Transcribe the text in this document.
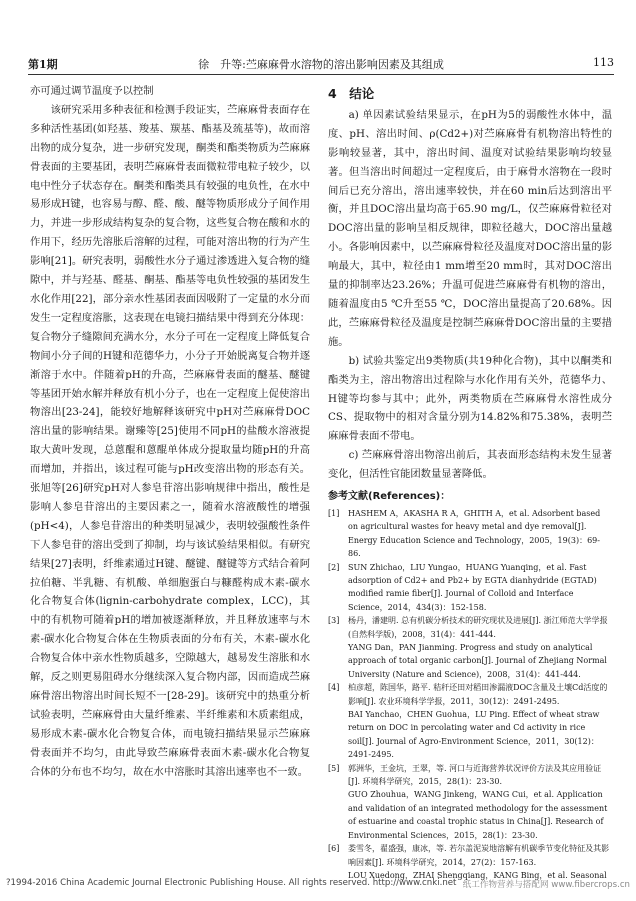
第1期	徐　升等:苎麻麻骨水溶物的溶出影响因素及其组成	113

亦可通过调节温度予以控制

该研究采用多种表征和检测手段证实，苎麻麻骨表面存在多种活性基团(如羟基、羧基、羰基、酯基及巯基等)，故而溶出物的成分复杂，进一步研究发现，酮类和酯类物质为苎麻麻骨表面的主要基团，表明苎麻麻骨表面微粒带电粒子较少，以电中性分子状态存在。酮类和酯类具有较强的电负性，在水中易形成H键，也容易与醇、醛、酸、醚等物质形成分子间作用力，并进一步形成结构复杂的复合物，这些复合物在酸和水的作用下，经历先溶胀后溶解的过程，可能对溶出物的行为产生影响[21]。研究表明，弱酸性水分子通过渗透进入复合物的缝隙中，并与羟基、醛基、酮基、酯基等电负性较强的基团发生水化作用[22]，部分亲水性基团表面因吸附了一定量的水分而发生一定程度溶胀，这表现在电镜扫描结果中得到充分体现：复合物分子缝隙间充满水分，水分子可在一定程度上降低复合物间小分子间的H键和范德华力，小分子开始脱离复合物并逐渐溶于水中。伴随着pH的升高，苎麻麻骨表面的醚基、醚键等基团开始水解并释放有机小分子，也在一定程度上促使溶出物溶出[23-24]，能较好地解释该研究中pH对苎麻麻骨DOC溶出量的影响结果。谢臻等[25]使用不同pH的盐酸水溶液提取大黄叶发现，总蒽醌和蒽醌单体成分提取量均随pH的升高而增加，并指出，该过程可能与pH改变溶出物的形态有关。张旭等[26]研究pH对人参皂苷溶出影响规律中指出，酸性是影响人参皂苷溶出的主要因素之一，随着水溶液酸性的增强(pH<4)，人参皂苷溶出的种类明显减少，表明较强酸性条件下人参皂苷的溶出受到了抑制，均与该试验结果相似。有研究结果[27]表明，纤维素通过H键、醚键、醚键等方式结合着阿拉伯糖、半乳糖、有机酸、单细胞蛋白与糠醛构成木素-碳水化合物复合体(lignin-carbohydrate complex，LCC)，其中的有机物可随着pH的增加被逐渐释放，并且释放速率与木素-碳水化合物复合体在生物质表面的分布有关，木素-碳水化合物复合体中亲水性物质越多，空隙越大，越易发生溶胀和水解，反之则更易阻碍水分继续深入复合物内部，因而造成苎麻麻骨溶出物溶出时间长短不一[28-29]。该研究中的热重分析试验表明，苎麻麻骨由大量纤维素、半纤维素和木质素组成，易形成木素-碳水化合物复合体，而电镜扫描结果显示苎麻麻骨表面并不均匀，由此导致苎麻麻骨表面木素-碳水化合物复合体的分布也不均匀，故在水中溶胀时其溶出速率也不一致。

4　结论

a) 单因素试验结果显示，在pH为5的弱酸性水体中，温度、pH、溶出时间、ρ(Cd2+)对苎麻麻骨有机物溶出特性的影响较显著，其中，溶出时间、温度对试验结果影响均较显著。但当溶出时间超过一定程度后，由于麻骨水溶物在一段时间后已充分溶出，溶出速率较快，并在60 min后达到溶出平衡，并且DOC溶出量均高于65.90 mg/L，仅苎麻麻骨粒径对DOC溶出量的影响呈相反规律，即粒径越大，DOC溶出量越小。各影响因素中，以苎麻麻骨粒径及温度对DOC溶出量的影响最大，其中，粒径由1 mm增至20 mm时，其对DOC溶出量的抑制率达23.26%；升温可促进苎麻麻骨有机物的溶出，随着温度由5 ℃升至55 ℃，DOC溶出量提高了20.68%。因此，苎麻麻骨粒径及温度是控制苎麻麻骨DOC溶出量的主要措施。

b) 试验共鉴定出9类物质(共19种化合物)，其中以酮类和酯类为主，溶出物溶出过程除与水化作用有关外，范德华力、H键等均参与其中；此外，两类物质在苎麻麻骨水溶性成分CS、提取物中的相对含量分别为14.82%和75.38%，表明苎麻麻骨表面不带电。

c) 苎麻麻骨溶出物溶出前后，其表面形态结构未发生显著变化，但活性官能团数量显著降低。

参考文献(References)：

[1]	HASHEM A，AKASHA R A，GHITH A，et al. Adsorbent based on agricultural wastes for heavy metal and dye removal[J]. Energy Education Science and Technology，2005，19(3)：69-86.
[2]	SUN Zhichao，LIU Yungao，HUANG Yuanqing，et al. Fast adsorption of Cd2+ and Pb2+ by EGTA dianhydride (EGTAD) modified ramie fiber[J]. Journal of Colloid and Interface Science，2014，434(3)：152-158.
[3]	杨丹，潘建明. 总有机碳分析技术的研究现状及进展[J]. 浙江师范大学学报(自然科学版)，2008，31(4)：441-444.
YANG Dan，PAN Jianming. Progress and study on analytical approach of total organic carbon[J]. Journal of Zhejiang Normal University (Nature and Science)，2008，31(4)：441-444.
[4]	柏彦超，陈国华，路平. 秸秆还田对稻田渗漏液DOC含量及土壤Cd活度的影响[J]. 农业环境科学学报，2011，30(12)：2491-2495.
BAI Yanchao，CHEN Guohua，LU Ping. Effect of wheat straw return on DOC in percolating water and Cd activity in rice soil[J]. Journal of Agro-Environment Science，2011，30(12)：2491-2495.
[5]	郭洲华，王金坑，王翠，等. 河口与近海营养状况评价方法及其应用验证[J]. 环境科学研究，2015，28(1)：23-30.
GUO Zhouhua，WANG Jinkeng，WANG Cui，et al. Application and validation of an integrated methodology for the assessment of estuarine and coastal trophic status in China[J]. Research of Environmental Sciences，2015，28(1)：23-30.
[6]	娄雪冬，翟盛强，康冰，等. 若尔盖泥炭地溶解有机碳季节变化特征及其影响因素[J]. 环境科学研究，2014，27(2)：157-163.
LOU Xuedong，ZHAI Shengqiang，KANG Bing，et al. Seasonal
?1994-2016 China Academic Journal Electronic Publishing House. All rights reserved. http://www.cnki.net 纸工作物营养与搭配网 www.fibercrops.cn
